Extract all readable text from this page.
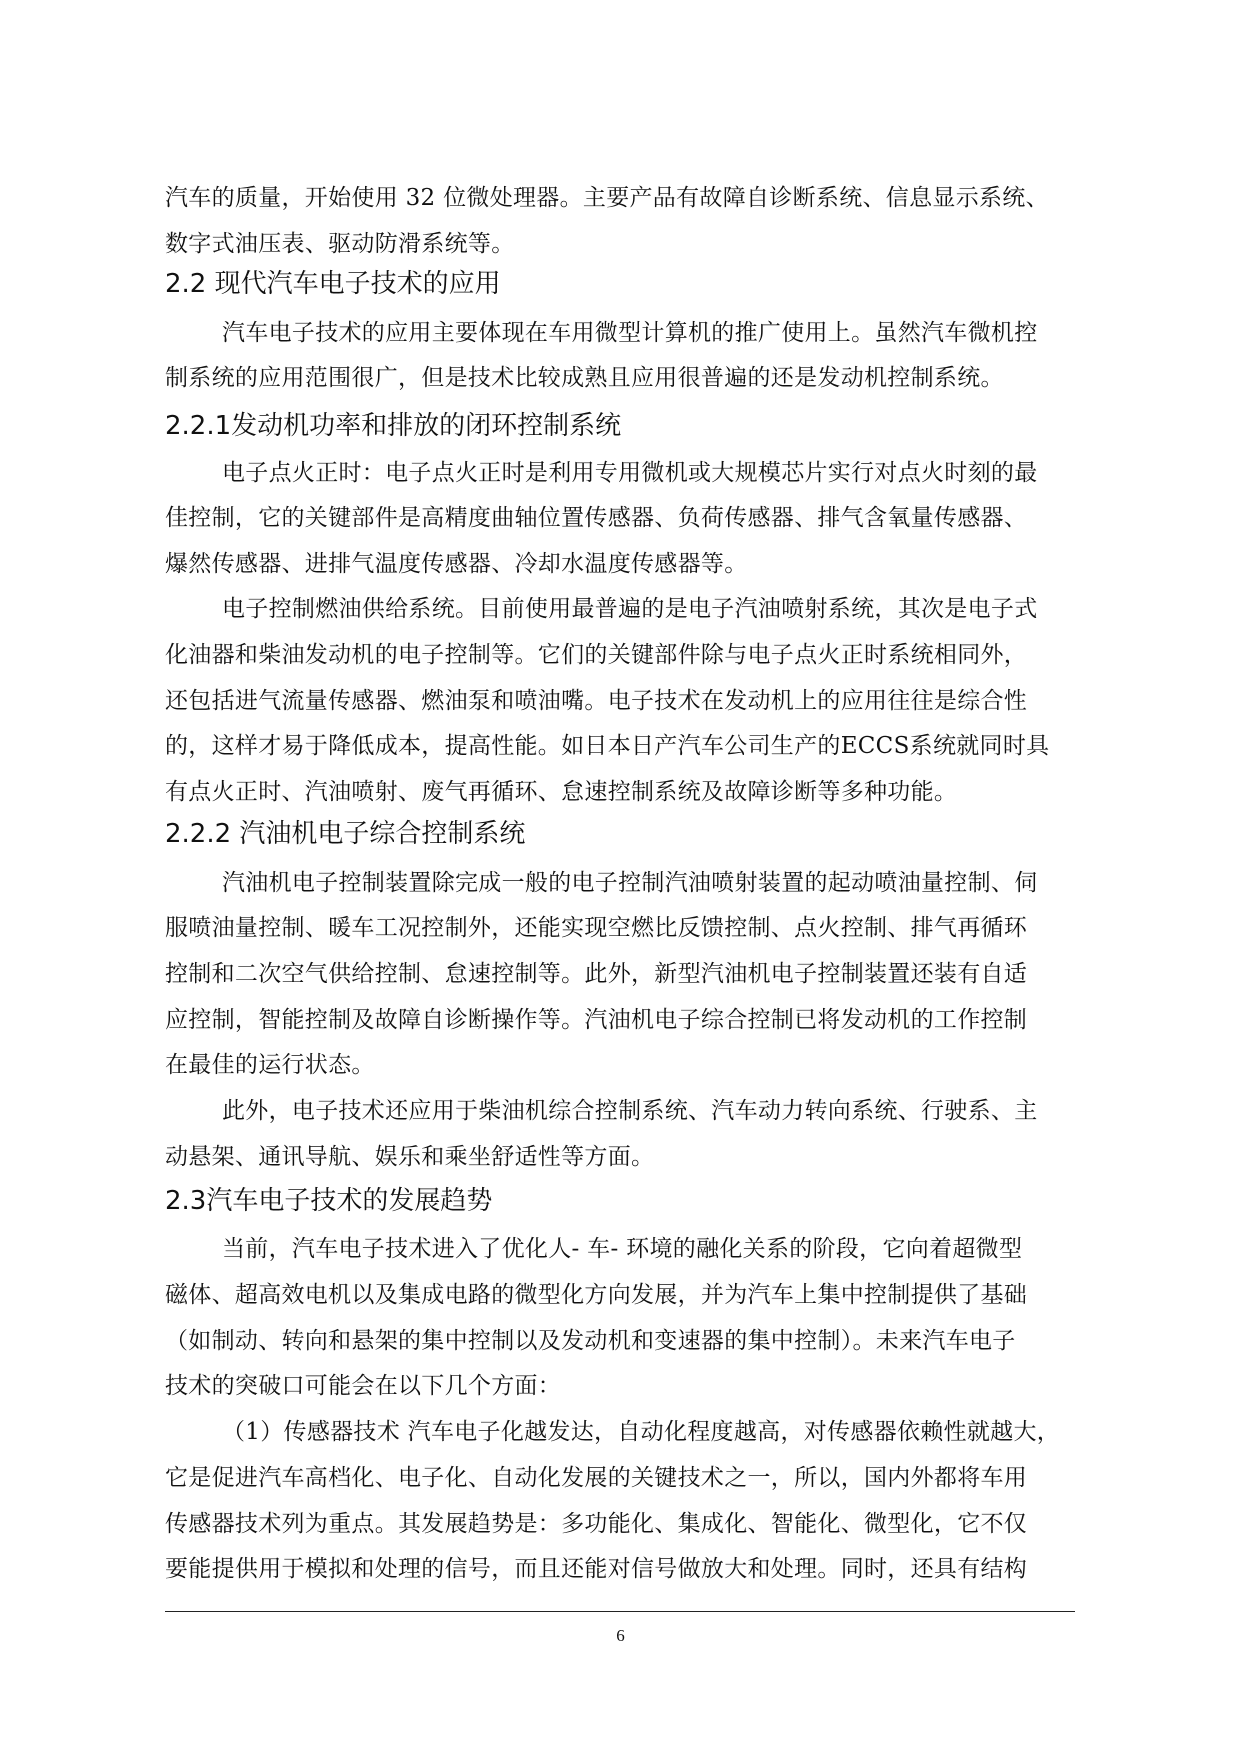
汽车的质量，开始使用 32 位微处理器。主要产品有故障自诊断系统、信息显示系统、
数字式油压表、驱动防滑系统等。
2.2 现代汽车电子技术的应用
汽车电子技术的应用主要体现在车用微型计算机的推广使用上。虽然汽车微机控
制系统的应用范围很广，但是技术比较成熟且应用很普遍的还是发动机控制系统。
2.2.1发动机功率和排放的闭环控制系统
电子点火正时：电子点火正时是利用专用微机或大规模芯片实行对点火时刻的最
佳控制，它的关键部件是高精度曲轴位置传感器、负荷传感器、排气含氧量传感器、
爆然传感器、进排气温度传感器、冷却水温度传感器等。
电子控制燃油供给系统。目前使用最普遍的是电子汽油喷射系统，其次是电子式
化油器和柴油发动机的电子控制等。它们的关键部件除与电子点火正时系统相同外，
还包括进气流量传感器、燃油泵和喷油嘴。电子技术在发动机上的应用往往是综合性
的，这样才易于降低成本，提高性能。如日本日产汽车公司生产的ECCS系统就同时具
有点火正时、汽油喷射、废气再循环、怠速控制系统及故障诊断等多种功能。
2.2.2 汽油机电子综合控制系统
汽油机电子控制装置除完成一般的电子控制汽油喷射装置的起动喷油量控制、伺
服喷油量控制、暖车工况控制外，还能实现空燃比反馈控制、点火控制、排气再循环
控制和二次空气供给控制、怠速控制等。此外，新型汽油机电子控制装置还装有自适
应控制，智能控制及故障自诊断操作等。汽油机电子综合控制已将发动机的工作控制
在最佳的运行状态。
此外，电子技术还应用于柴油机综合控制系统、汽车动力转向系统、行驶系、主
动悬架、通讯导航、娱乐和乘坐舒适性等方面。
2.3汽车电子技术的发展趋势
当前，汽车电子技术进入了优化人- 车- 环境的融化关系的阶段，它向着超微型
磁体、超高效电机以及集成电路的微型化方向发展，并为汽车上集中控制提供了基础
（如制动、转向和悬架的集中控制以及发动机和变速器的集中控制）。未来汽车电子
技术的突破口可能会在以下几个方面：
（1）传感器技术 汽车电子化越发达，自动化程度越高，对传感器依赖性就越大，
它是促进汽车高档化、电子化、自动化发展的关键技术之一，所以，国内外都将车用
传感器技术列为重点。其发展趋势是：多功能化、集成化、智能化、微型化，它不仅
要能提供用于模拟和处理的信号，而且还能对信号做放大和处理。同时，还具有结构
6
